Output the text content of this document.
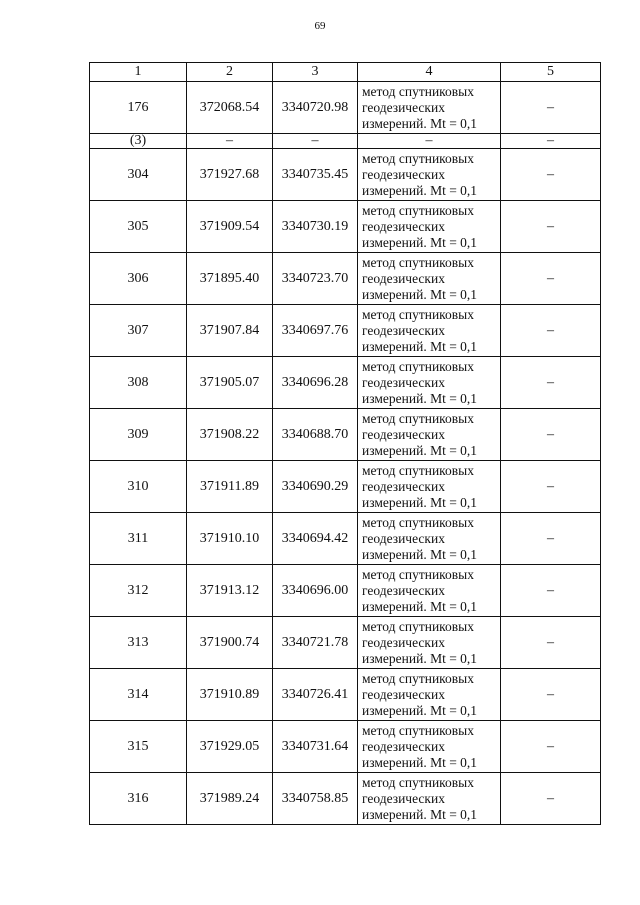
69
1	2	3	4	5
176	372068.54	3340720.98	метод спутниковых
геодезических
измерений. Mt = 0,1	–
(3)	–	–	–	–
304	371927.68	3340735.45	метод спутниковых
геодезических
измерений. Mt = 0,1	–
305	371909.54	3340730.19	метод спутниковых
геодезических
измерений. Mt = 0,1	–
306	371895.40	3340723.70	метод спутниковых
геодезических
измерений. Mt = 0,1	–
307	371907.84	3340697.76	метод спутниковых
геодезических
измерений. Mt = 0,1	–
308	371905.07	3340696.28	метод спутниковых
геодезических
измерений. Mt = 0,1	–
309	371908.22	3340688.70	метод спутниковых
геодезических
измерений. Mt = 0,1	–
310	371911.89	3340690.29	метод спутниковых
геодезических
измерений. Mt = 0,1	–
311	371910.10	3340694.42	метод спутниковых
геодезических
измерений. Mt = 0,1	–
312	371913.12	3340696.00	метод спутниковых
геодезических
измерений. Mt = 0,1	–
313	371900.74	3340721.78	метод спутниковых
геодезических
измерений. Mt = 0,1	–
314	371910.89	3340726.41	метод спутниковых
геодезических
измерений. Mt = 0,1	–
315	371929.05	3340731.64	метод спутниковых
геодезических
измерений. Mt = 0,1	–
316	371989.24	3340758.85	метод спутниковых
геодезических
измерений. Mt = 0,1	–
